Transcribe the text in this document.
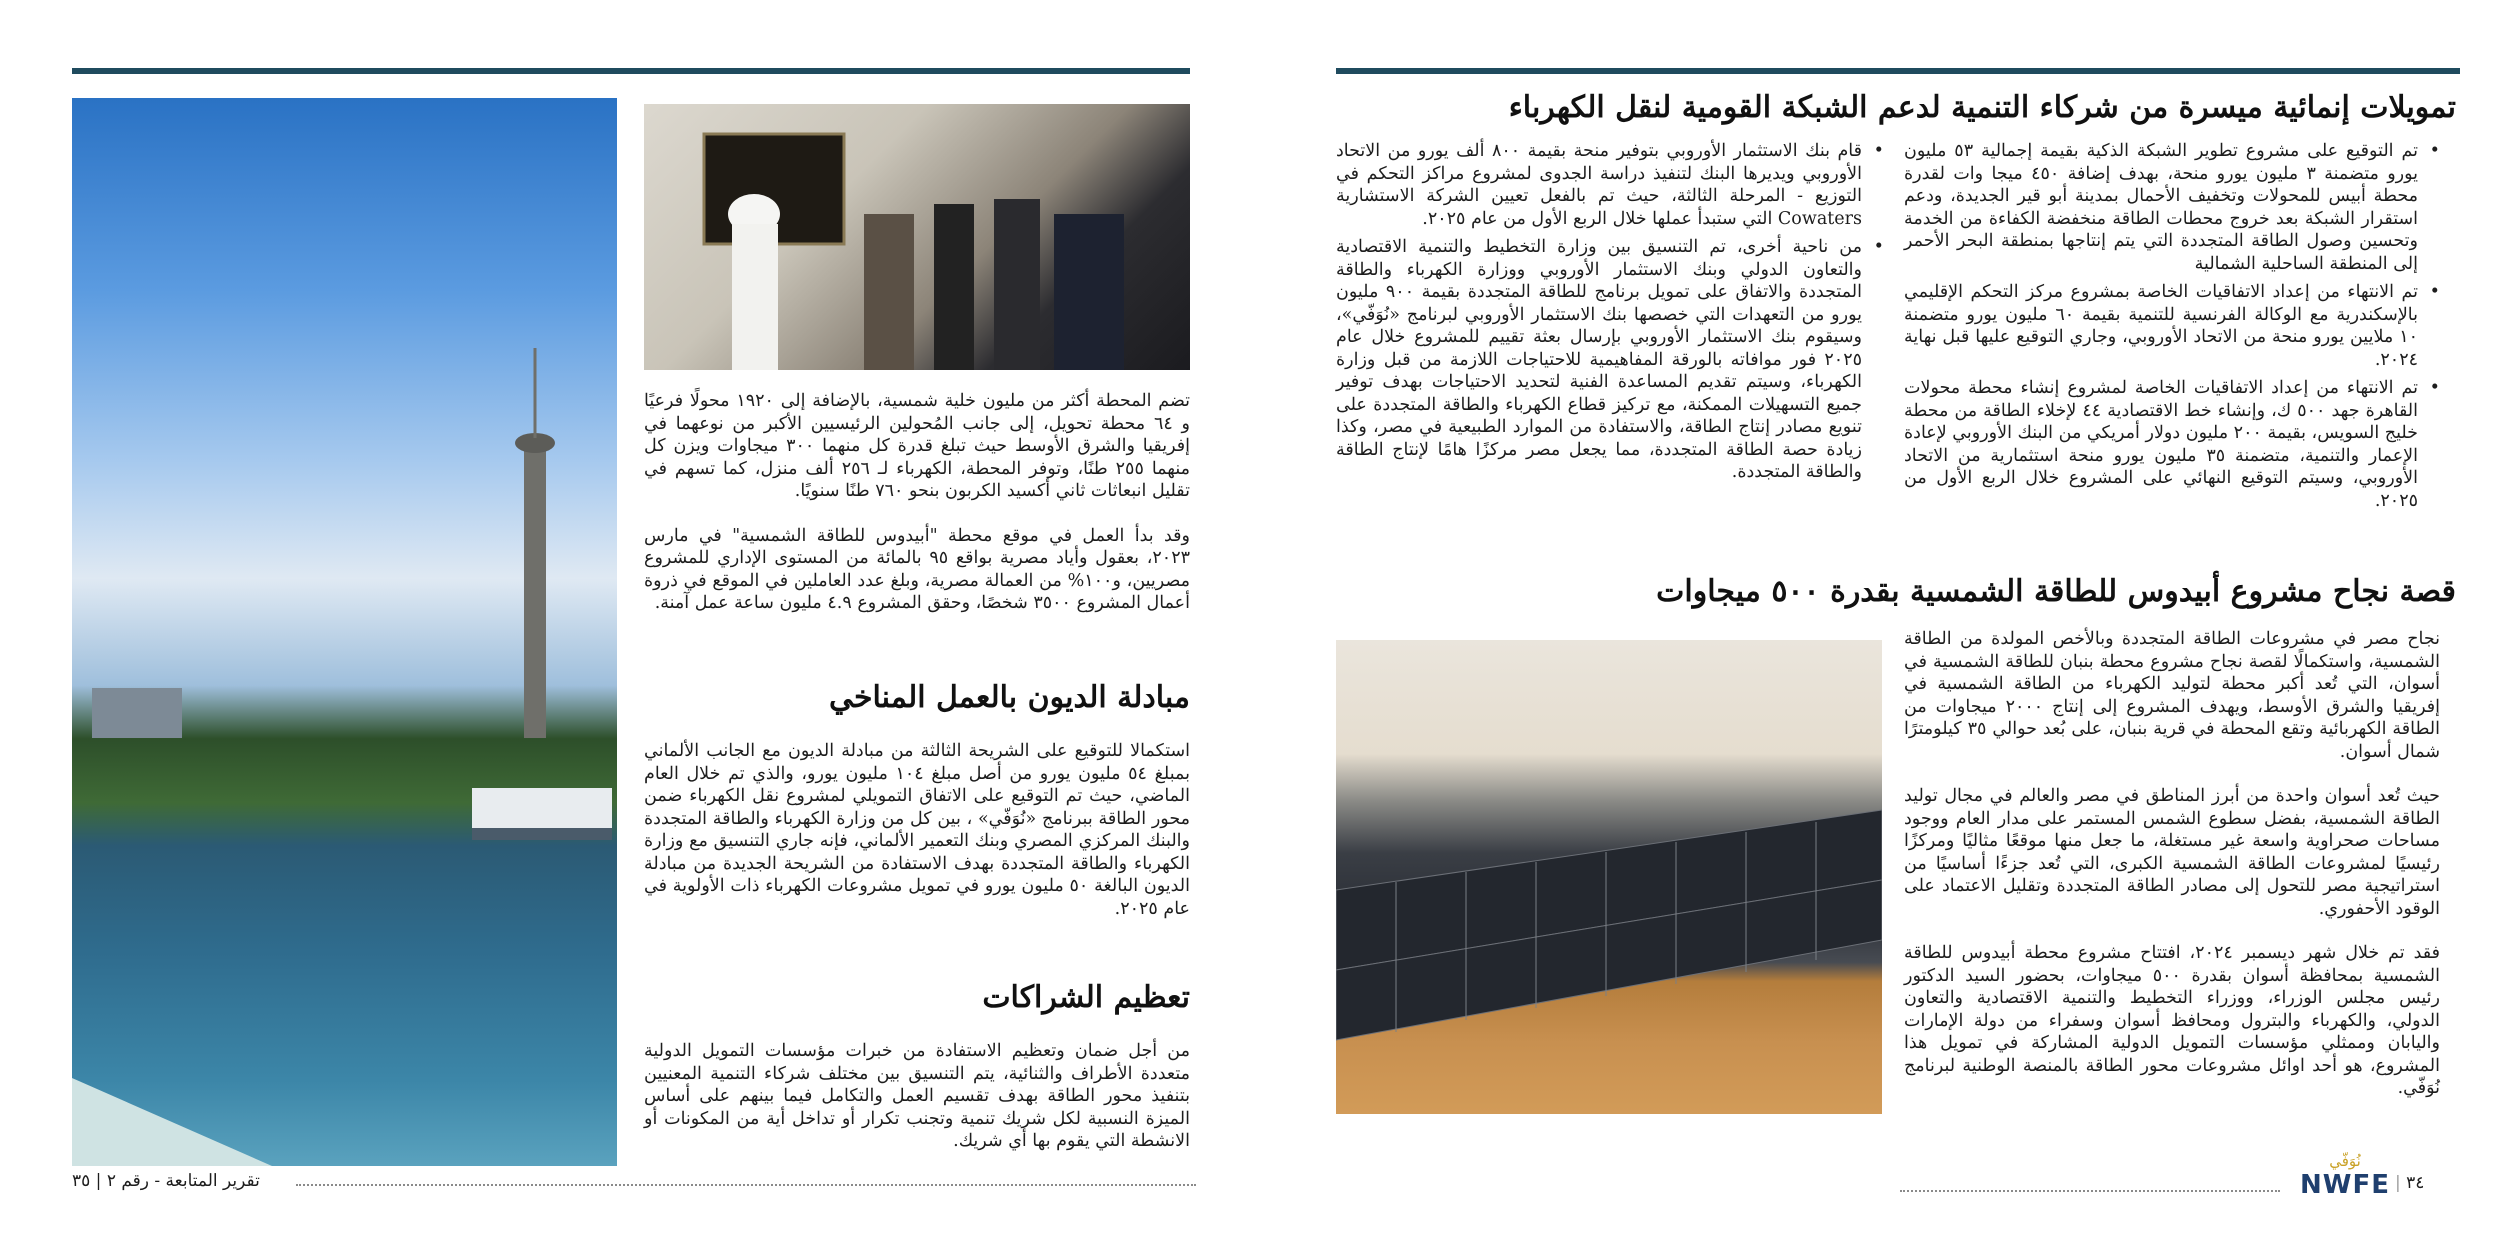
تمويلات إنمائية ميسرة من شركاء التنمية لدعم الشبكة القومية لنقل الكهرباء
• تم التوقيع على مشروع تطوير الشبكة الذكية بقيمة إجمالية ٥٣ مليون يورو متضمنة ٣ مليون يورو منحة، بهدف إضافة ٤٥٠ ميجا وات لقدرة محطة أبيس للمحولات وتخفيف الأحمال بمدينة أبو قير الجديدة، ودعم استقرار الشبكة بعد خروج محطات الطاقة منخفضة الكفاءة من الخدمة وتحسين وصول الطاقة المتجددة التي يتم إنتاجها بمنطقة البحر الأحمر إلى المنطقة الساحلية الشمالية
• تم الانتهاء من إعداد الاتفاقيات الخاصة بمشروع مركز التحكم الإقليمي بالإسكندرية مع الوكالة الفرنسية للتنمية بقيمة ٦٠ مليون يورو متضمنة ١٠ ملايين يورو منحة من الاتحاد الأوروبي، وجاري التوقيع عليها قبل نهاية ٢٠٢٤.
• تم الانتهاء من إعداد الاتفاقيات الخاصة لمشروع إنشاء محطة محولات القاهرة جهد ٥٠٠ ك، وإنشاء خط الاقتصادية ٤٤ لإخلاء الطاقة من محطة خليج السويس، بقيمة ٢٠٠ مليون دولار أمريكي من البنك الأوروبي لإعادة الإعمار والتنمية، متضمنة ٣٥ مليون يورو منحة استثمارية من الاتحاد الأوروبي، وسيتم التوقيع النهائي على المشروع خلال الربع الأول من ٢٠٢٥.
• قام بنك الاستثمار الأوروبي بتوفير منحة بقيمة ٨٠٠ ألف يورو من الاتحاد الأوروبي ويديرها البنك لتنفيذ دراسة الجدوى لمشروع مراكز التحكم في التوزيع - المرحلة الثالثة، حيث تم بالفعل تعيين الشركة الاستشارية Cowaters التي ستبدأ عملها خلال الربع الأول من عام ٢٠٢٥.
• من ناحية أخرى، تم التنسيق بين وزارة التخطيط والتنمية الاقتصادية والتعاون الدولي وبنك الاستثمار الأوروبي ووزارة الكهرباء والطاقة المتجددة والاتفاق على تمويل برنامج للطاقة المتجددة بقيمة ٩٠٠ مليون يورو من التعهدات التي خصصها بنك الاستثمار الأوروبي لبرنامج «نُوَفّي»، وسيقوم بنك الاستثمار الأوروبي بإرسال بعثة تقييم للمشروع خلال عام ٢٠٢٥ فور موافاته بالورقة المفاهيمية للاحتياجات اللازمة من قبل وزارة الكهرباء، وسيتم تقديم المساعدة الفنية لتحديد الاحتياجات بهدف توفير جميع التسهيلات الممكنة، مع تركيز قطاع الكهرباء والطاقة المتجددة على تنويع مصادر إنتاج الطاقة، والاستفادة من الموارد الطبيعية في مصر، وكذا زيادة حصة الطاقة المتجددة، مما يجعل مصر مركزًا هامًا لإنتاج الطاقة والطاقة المتجددة.
قصة نجاح مشروع أبيدوس للطاقة الشمسية بقدرة ٥٠٠ ميجاوات

نجاح مصر في مشروعات الطاقة المتجددة وبالأخص المولدة من الطاقة الشمسية، واستكمالًا لقصة نجاح مشروع محطة بنبان للطاقة الشمسية في أسوان، التي تُعد أكبر محطة لتوليد الكهرباء من الطاقة الشمسية في إفريقيا والشرق الأوسط، ويهدف المشروع إلى إنتاج ٢٠٠٠ ميجاوات من الطاقة الكهربائية وتقع المحطة في قرية بنبان، على بُعد حوالي ٣٥ كيلومترًا شمال أسوان.

حيث تُعد أسوان واحدة من أبرز المناطق في مصر والعالم في مجال توليد الطاقة الشمسية، بفضل سطوع الشمس المستمر على مدار العام ووجود مساحات صحراوية واسعة غير مستغلة، ما جعل منها موقعًا مثاليًا ومركزًا رئيسيًا لمشروعات الطاقة الشمسية الكبرى، التي تُعد جزءًا أساسيًا من استراتيجية مصر للتحول إلى مصادر الطاقة المتجددة وتقليل الاعتماد على الوقود الأحفوري.

فقد تم خلال شهر ديسمبر ٢٠٢٤، افتتاح مشروع محطة أبيدوس للطاقة الشمسية بمحافظة أسوان بقدرة ٥٠٠ ميجاوات، بحضور السيد الدكتور رئيس مجلس الوزراء، ووزراء التخطيط والتنمية الاقتصادية والتعاون الدولي، والكهرباء والبترول ومحافظ أسوان وسفراء من دولة الإمارات واليابان وممثلي مؤسسات التمويل الدولية المشاركة في تمويل هذا المشروع، هو أحد اوائل مشروعات محور الطاقة بالمنصة الوطنية لبرنامج نُوَفّي.

٣٤ |
نُوَفّي
NWFE

تضم المحطة أكثر من مليون خلية شمسية، بالإضافة إلى ١٩٢٠ محولًا فرعيًا و ٦٤ محطة تحويل، إلى جانب المُحولين الرئيسيين الأكبر من نوعهما في إفريقيا والشرق الأوسط حيث تبلغ قدرة كل منهما ٣٠٠ ميجاوات ويزن كل منهما ٢٥٥ طنًا، وتوفر المحطة، الكهرباء لـ ٢٥٦ ألف منزل، كما تسهم في تقليل انبعاثات ثاني أكسيد الكربون بنحو ٧٦٠ طنًا سنويًا.

وقد بدأ العمل في موقع محطة "أبيدوس للطاقة الشمسية" في مارس ٢٠٢٣، بعقول وأياد مصرية بواقع ٩٥ بالمائة من المستوى الإداري للمشروع مصريين، و١٠٠% من العمالة مصرية، وبلغ عدد العاملين في الموقع في ذروة أعمال المشروع ٣٥٠٠ شخصًا، وحقق المشروع ٤.٩ مليون ساعة عمل آمنة.

مبادلة الديون بالعمل المناخي

استكمالا للتوقيع على الشريحة الثالثة من مبادلة الديون مع الجانب الألماني بمبلغ ٥٤ مليون يورو من أصل مبلغ ١٠٤ مليون يورو، والذي تم خلال العام الماضي، حيث تم التوقيع على الاتفاق التمويلي لمشروع نقل الكهرباء ضمن محور الطاقة ببرنامج «نُوَفّي» ، بين كل من وزارة الكهرباء والطاقة المتجددة والبنك المركزي المصري وبنك التعمير الألماني، فإنه جاري التنسيق مع وزارة الكهرباء والطاقة المتجددة بهدف الاستفادة من الشريحة الجديدة من مبادلة الديون البالغة ٥٠ مليون يورو في تمويل مشروعات الكهرباء ذات الأولوية في عام ٢٠٢٥.

تعظيم الشراكات

من أجل ضمان وتعظيم الاستفادة من خبرات مؤسسات التمويل الدولية متعددة الأطراف والثنائية، يتم التنسيق بين مختلف شركاء التنمية المعنيين بتنفيذ محور الطاقة بهدف تقسيم العمل والتكامل فيما بينهم على أساس الميزة النسبية لكل شريك تنمية وتجنب تكرار أو تداخل أية من المكونات أو الانشطة التي يقوم بها أي شريك.

تقرير المتابعة - رقم ٢ | ٣٥
